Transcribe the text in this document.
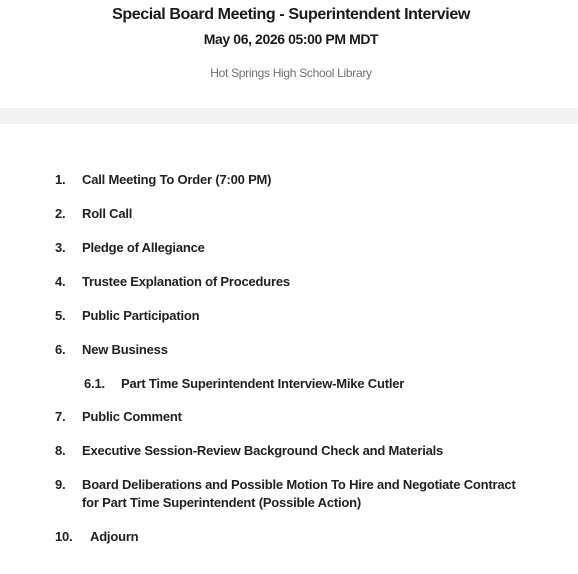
Special Board Meeting - Superintendent Interview
May 06, 2026 05:00 PM MDT
Hot Springs High School Library
1. Call Meeting To Order (7:00 PM)
2. Roll Call
3. Pledge of Allegiance
4. Trustee Explanation of Procedures
5. Public Participation
6. New Business
6.1. Part Time Superintendent Interview-Mike Cutler
7. Public Comment
8. Executive Session-Review Background Check and Materials
9. Board Deliberations and Possible Motion To Hire and Negotiate Contract
for Part Time Superintendent (Possible Action)
10. Adjourn
